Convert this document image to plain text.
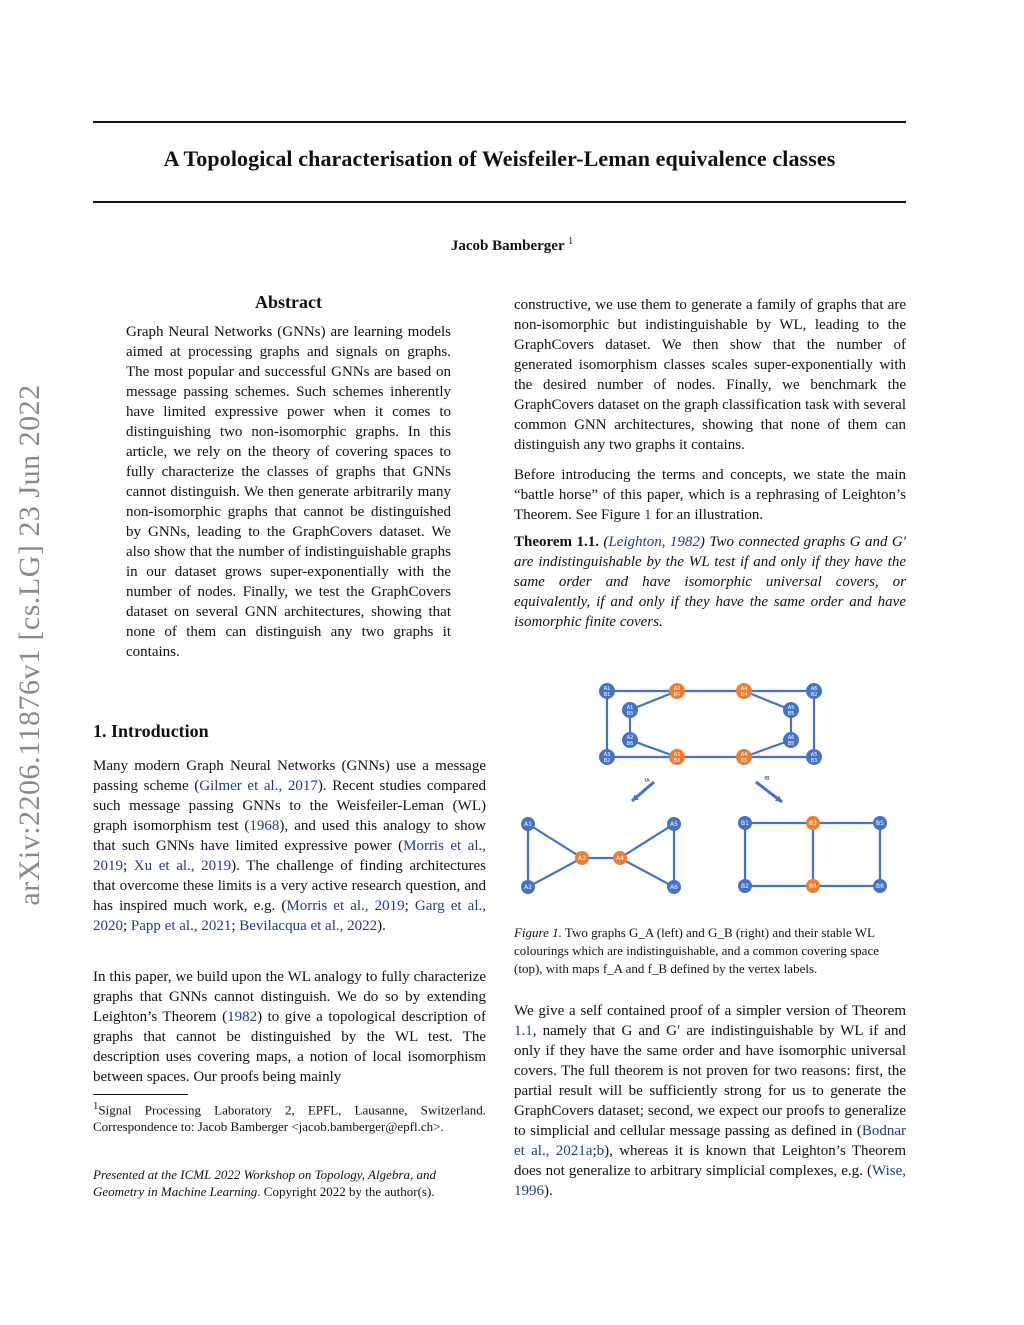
A Topological characterisation of Weisfeiler-Leman equivalence classes
Jacob Bamberger $^1$
arXiv:2206.11876v1 [cs.LG] 23 Jun 2022
Abstract
Graph Neural Networks (GNNs) are learning models aimed at processing graphs and signals on graphs. The most popular and successful GNNs are based on message passing schemes. Such schemes inherently have limited expressive power when it comes to distinguishing two non-isomorphic graphs. In this article, we rely on the theory of covering spaces to fully characterize the classes of graphs that GNNs cannot distinguish. We then generate arbitrarily many non-isomorphic graphs that cannot be distinguished by GNNs, leading to the GraphCovers dataset. We also show that the number of indistinguishable graphs in our dataset grows super-exponentially with the number of nodes. Finally, we test the GraphCovers dataset on several GNN architectures, showing that none of them can distinguish any two graphs it contains.
1. Introduction
Many modern Graph Neural Networks (GNNs) use a message passing scheme (Gilmer et al., 2017). Recent studies compared such message passing GNNs to the Weisfeiler-Leman (WL) graph isomorphism test (1968), and used this analogy to show that such GNNs have limited expressive power (Morris et al., 2019; Xu et al., 2019). The challenge of finding architectures that overcome these limits is a very active research question, and has inspired much work, e.g. (Morris et al., 2019; Garg et al., 2020; Papp et al., 2021; Bevilacqua et al., 2022).
In this paper, we build upon the WL analogy to fully characterize graphs that GNNs cannot distinguish. We do so by extending Leighton’s Theorem (1982) to give a topological description of graphs that cannot be distinguished by the WL test. The description uses covering maps, a notion of local isomorphism between spaces. Our proofs being mainly
$^1$Signal Processing Laboratory 2, EPFL, Lausanne, Switzerland. Correspondence to: Jacob Bamberger <jacob.bamberger@epfl.ch>.
Presented at the ICML 2022 Workshop on Topology, Algebra, and Geometry in Machine Learning. Copyright 2022 by the author(s).
constructive, we use them to generate a family of graphs that are non-isomorphic but indistinguishable by WL, leading to the GraphCovers dataset. We then show that the number of generated isomorphism classes scales super-exponentially with the desired number of nodes. Finally, we benchmark the GraphCovers dataset on the graph classification task with several common GNN architectures, showing that none of them can distinguish any two graphs it contains.
Before introducing the terms and concepts, we state the main “battle horse” of this paper, which is a rephrasing of Leighton’s Theorem. See Figure 1 for an illustration.
Theorem 1.1. (Leighton, 1982) Two connected graphs G and G′ are indistinguishable by the WL test if and only if they have the same order and have isomorphic universal covers, or equivalently, if and only if they have the same order and have isomorphic finite covers.
A1
B1
A3
B4
A4
B4
A6
B2
A1
B5
A5
B5
A2
B6
A6
B5
A3
B2
A3
B4
A4
B5
A5
B3
fA	fB
A1
A2
A3	A4
A5
A6
B1
B2
B3
B4
B5
B6
Figure 1. Two graphs G_A (left) and G_B (right) and their stable WL colourings which are indistinguishable, and a common covering space (top), with maps f_A and f_B defined by the vertex labels.
We give a self contained proof of a simpler version of Theorem 1.1, namely that G and G′ are indistinguishable by WL if and only if they have the same order and have isomorphic universal covers. The full theorem is not proven for two reasons: first, the partial result will be sufficiently strong for us to generate the GraphCovers dataset; second, we expect our proofs to generalize to simplicial and cellular message passing as defined in (Bodnar et al., 2021a;b), whereas it is known that Leighton’s Theorem does not generalize to arbitrary simplicial complexes, e.g. (Wise, 1996).
